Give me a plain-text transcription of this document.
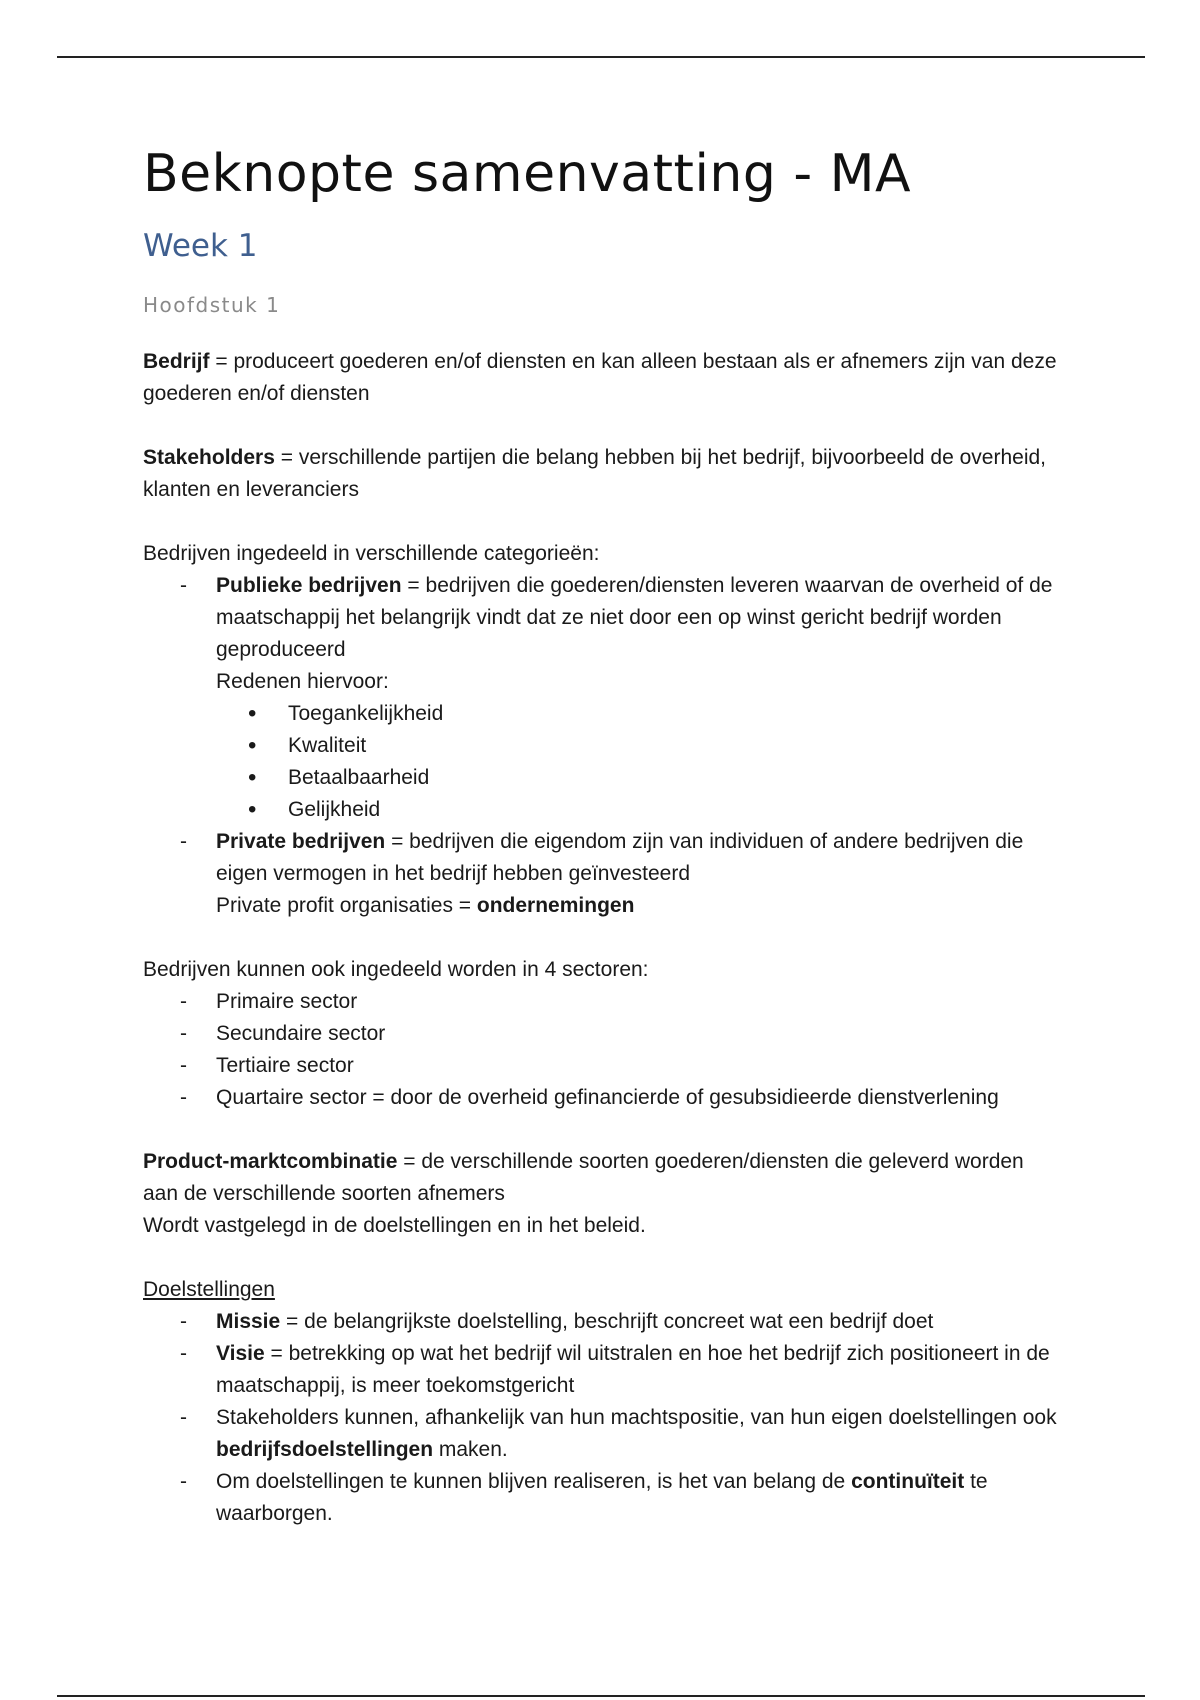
Beknopte samenvatting - MA
Week 1
Hoofdstuk 1

Bedrijf = produceert goederen en/of diensten en kan alleen bestaan als er afnemers zijn van deze goederen en/of diensten

Stakeholders = verschillende partijen die belang hebben bij het bedrijf, bijvoorbeeld de overheid, klanten en leveranciers

Bedrijven ingedeeld in verschillende categorieën:

- Publieke bedrijven = bedrijven die goederen/diensten leveren waarvan de overheid of de maatschappij het belangrijk vindt dat ze niet door een op winst gericht bedrijf worden geproduceerd
Redenen hiervoor:
• Toegankelijkheid
• Kwaliteit
• Betaalbaarheid
• Gelijkheid
- Private bedrijven = bedrijven die eigendom zijn van individuen of andere bedrijven die eigen vermogen in het bedrijf hebben geïnvesteerd
Private profit organisaties = ondernemingen

Bedrijven kunnen ook ingedeeld worden in 4 sectoren:

- Primaire sector
- Secundaire sector
- Tertiaire sector
- Quartaire sector = door de overheid gefinancierde of gesubsidieerde dienstverlening

Product-marktcombinatie = de verschillende soorten goederen/diensten die geleverd worden aan de verschillende soorten afnemers

Wordt vastgelegd in de doelstellingen en in het beleid.

Doelstellingen

- Missie = de belangrijkste doelstelling, beschrijft concreet wat een bedrijf doet
- Visie = betrekking op wat het bedrijf wil uitstralen en hoe het bedrijf zich positioneert in de maatschappij, is meer toekomstgericht
- Stakeholders kunnen, afhankelijk van hun machtspositie, van hun eigen doelstellingen ook bedrijfsdoelstellingen maken.
- Om doelstellingen te kunnen blijven realiseren, is het van belang de continuïteit te waarborgen.
